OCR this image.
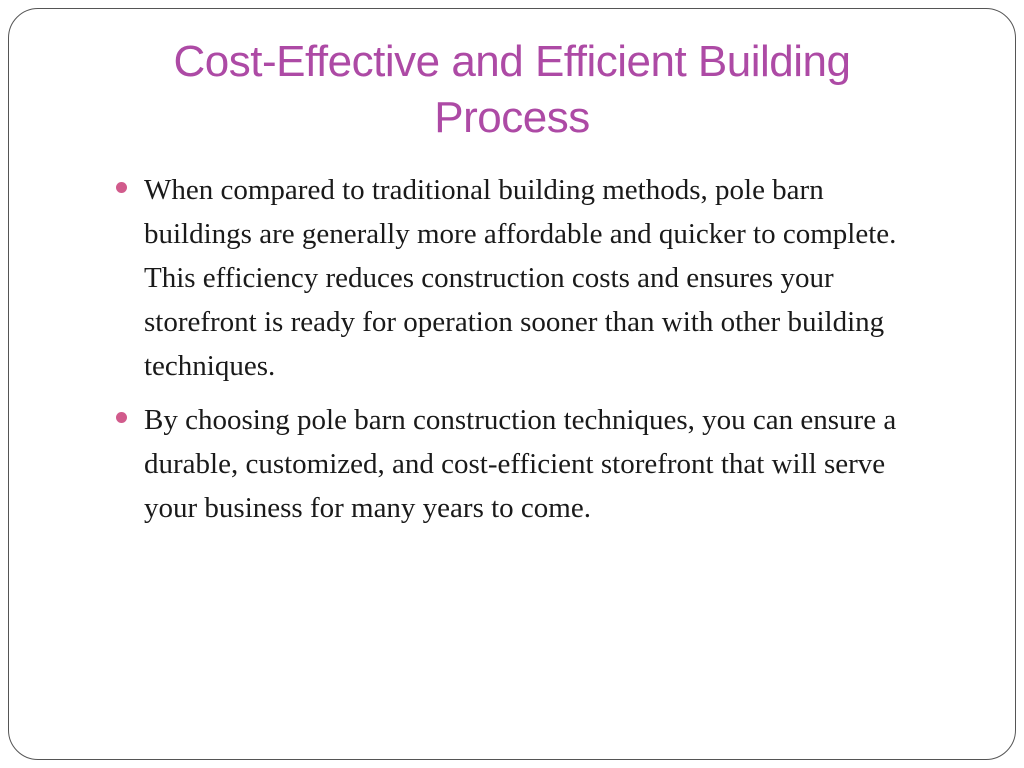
Cost-Effective and Efficient Building
Process
When compared to traditional building methods, pole barn buildings are generally more affordable and quicker to complete. This efficiency reduces construction costs and ensures your storefront is ready for operation sooner than with other building techniques.
By choosing pole barn construction techniques, you can ensure a durable, customized, and cost-efficient storefront that will serve your business for many years to come.
